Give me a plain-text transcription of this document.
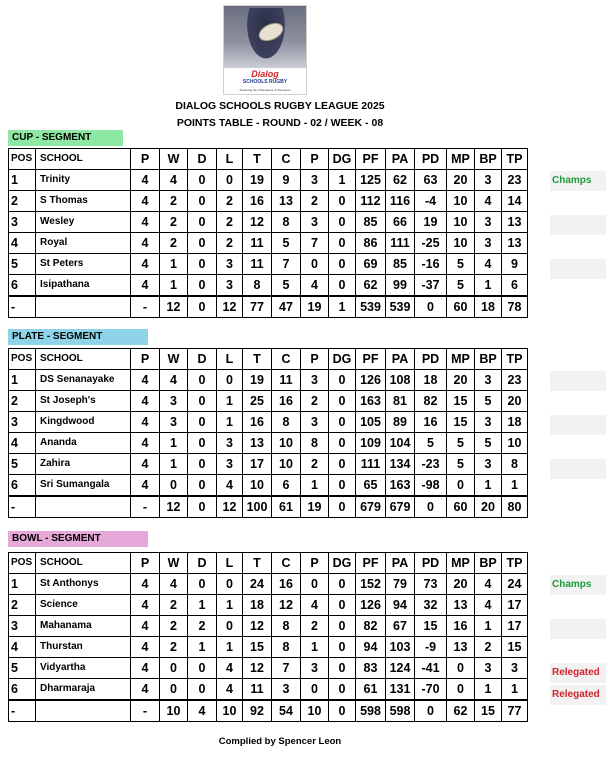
Dialog
SCHOOLS RUGBY
Powering the Champions of Tomorrow
DIALOG SCHOOLS RUGBY LEAGUE 2025
POINTS TABLE - ROUND - 02 / WEEK - 08
CUP - SEGMENT
POS	SCHOOL	P	W	D	L	T	C	P	DG	PF	PA	PD	MP	BP	TP
1	Trinity	4	4	0	0	19	9	3	1	125	62	63	20	3	23
2	S Thomas	4	2	0	2	16	13	2	0	112	116	-4	10	4	14
3	Wesley	4	2	0	2	12	8	3	0	85	66	19	10	3	13
4	Royal	4	2	0	2	11	5	7	0	86	111	-25	10	3	13
5	St Peters	4	1	0	3	11	7	0	0	69	85	-16	5	4	9
6	Isipathana	4	1	0	3	8	5	4	0	62	99	-37	5	1	6
-		-	12	0	12	77	47	19	1	539	539	0	60	18	78
PLATE - SEGMENT
POS	SCHOOL	P	W	D	L	T	C	P	DG	PF	PA	PD	MP	BP	TP
1	DS Senanayake	4	4	0	0	19	11	3	0	126	108	18	20	3	23
2	St Joseph's	4	3	0	1	25	16	2	0	163	81	82	15	5	20
3	Kingdwood	4	3	0	1	16	8	3	0	105	89	16	15	3	18
4	Ananda	4	1	0	3	13	10	8	0	109	104	5	5	5	10
5	Zahira	4	1	0	3	17	10	2	0	111	134	-23	5	3	8
6	Sri Sumangala	4	0	0	4	10	6	1	0	65	163	-98	0	1	1
-		-	12	0	12	100	61	19	0	679	679	0	60	20	80
BOWL - SEGMENT
POS	SCHOOL	P	W	D	L	T	C	P	DG	PF	PA	PD	MP	BP	TP
1	St Anthonys	4	4	0	0	24	16	0	0	152	79	73	20	4	24
2	Science	4	2	1	1	18	12	4	0	126	94	32	13	4	17
3	Mahanama	4	2	2	0	12	8	2	0	82	67	15	16	1	17
4	Thurstan	4	2	1	1	15	8	1	0	94	103	-9	13	2	15
5	Vidyartha	4	0	0	4	12	7	3	0	83	124	-41	0	3	3
6	Dharmaraja	4	0	0	4	11	3	0	0	61	131	-70	0	1	1
-		-	10	4	10	92	54	10	0	598	598	0	62	15	77
Champs
Champs
Relegated
Relegated
Complied by Spencer Leon
